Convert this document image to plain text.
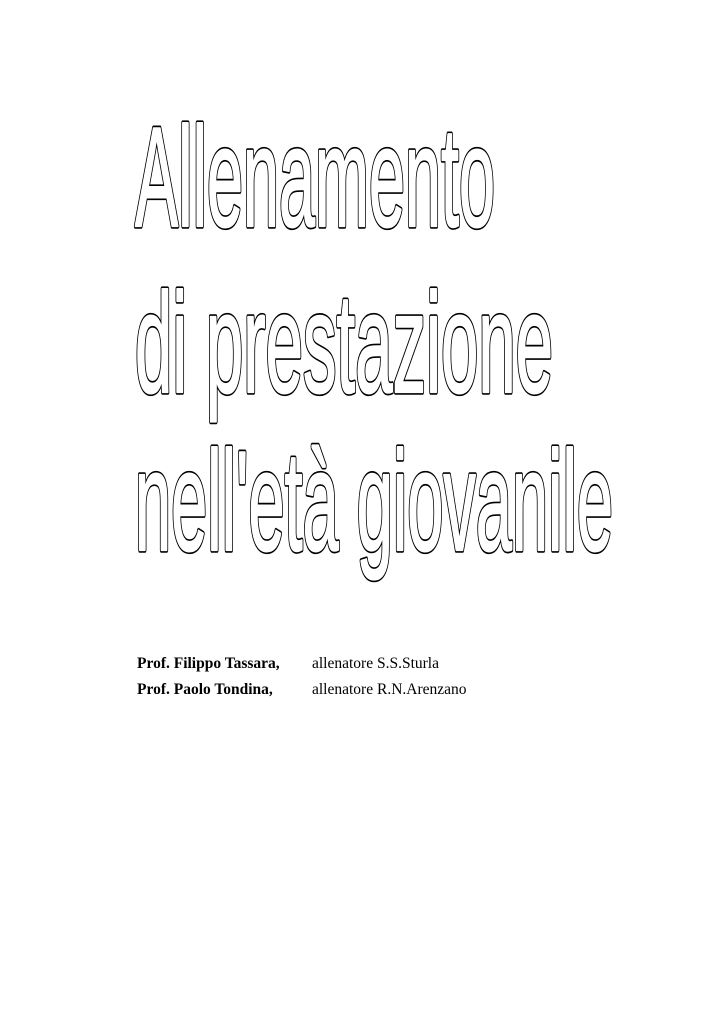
Allenamento
di prestazione
nell'età giovanile
Allenamento
di prestazione
nell'età giovanile
Prof. Filippo Tassara,	allenatore S.S.Sturla
Prof. Paolo Tondina,	allenatore R.N.Arenzano
